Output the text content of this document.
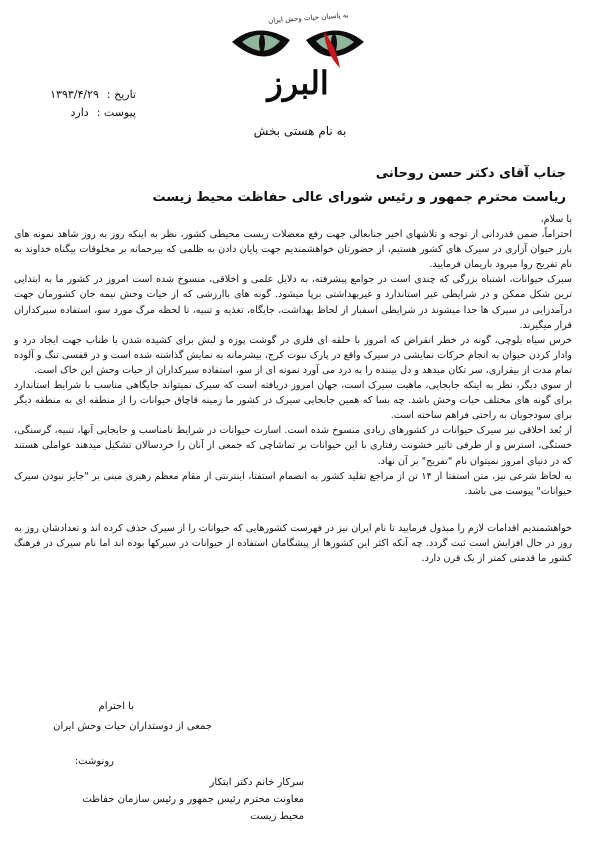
به پاسبان حیات وحش ایران
البرز
تاریخ :
۱۳۹۳/۴/۲۹
پیوست :
دارد
به نام هستی بخش
جناب آقای دکتر حسن روحانی
ریاست محترم جمهور و رئیس شورای عالی حفاظت محیط زیست

با سلام،

احتراماً، ضمن قدردانی از توجه و تلاشهای اخیر جنابعالی جهت رفع معضلات زیست محیطی کشور، نظر به اینکه روز به روز شاهد نمونه های بارز حیوان آزاری در سیرک های کشور هستیم، از حضورتان خواهشمندیم جهت پایان دادن به ظلمی که بیرحمانه بر مخلوقات بیگناه خداوند به نام تفریح روا میرود باریمان فرمایید.

سیرک حیوانات، اشتباه بزرگی که چندی است در جوامع پیشرفته، به دلایل علمی و اخلاقی، منسوخ شده است امروز در کشور ما به ابتدایی ترین شکل ممکن و در شرایطی غیر استاندارد و غیربهداشتی برپا میشود. گونه های باارزشی که از حیات وحش نیمه جان کشورمان جهت درآمدزایی در سیرک ها جدا میشوند در شرایطی اسفبار از لحاظ بهداشت، جایگاه، تغذیه و تنبیه، تا لحظه مرگ مورد سو، استفاده سیرکداران قرار میگیرند.

خرس سیاه بلوچی، گونه در خطر انقراض که امروز با حلقه ای فلزی در گوشت پوزه و لبش برای کشیده شدن با طناب جهت ایجاد درد و وادار کردن حیوان به انجام حرکات نمایشی در سیرک واقع در پارک نبوت کرج، بیشرمانه به نمایش گذاشته شده است و در قفسی تنگ و آلوده تمام مدت از بیقراری، سر تکان میدهد و دل بیننده را به درد می آورد نمونه ای از سو، استفاده سیرکداران از حیات وحش این خاک است.

از سوی دیگر، نظر به اینکه جابجایی، ماهیت سیرک است، جهان امروز دریافته است که سیرک نمیتواند جایگاهی مناسب با شرایط استاندارد برای گونه های مختلف حیات وحش باشد. چه بسا که همین جابجایی سیرک در کشور ما زمینه قاچاق حیوانات را از منطقه ای به منطقه دیگر برای سودجویان به راحتی فراهم ساخته است.

از بُعد اخلاقی نیز سیرک حیوانات در کشورهای زیادی منسوخ شده است. اسارت حیوانات در شرایط نامناسب و جابجایی آنها، تنبیه، گرسنگی، خستگی، استرس و از طرفی تاثیر خشونت رفتاری با این حیوانات بر تماشاچی که جمعی از آنان را خردسالان تشکیل میدهند عواملی هستند که در دنیای امروز نمیتوان نام "تفریح" بر آن نهاد.

به لحاظ شرعی نیز، متن استفتا از ۱۴ تن از مراجع تقلید کشور به انضمام استفتا، اینترنتی از مقام معظم رهبری مبنی بر "جایز نبودن سیرک حیوانات" پیوست می باشد.

خواهشمندیم اقدامات لازم را مبذول فرمایید تا نام ایران نیز در فهرست کشورهایی که حیوانات را از سیرک حذف کرده اند و تعدادشان روز به روز در حال افزایش است ثبت گردد. چه آنکه اکثر این کشورها از پیشگامان استفاده از حیوانات در سیرکها بوده اند اما نام سیرک در فرهنگ کشور ما قدمتی کمتر از یک قرن دارد.

با احترام
جمعی از دوستداران حیات وحش ایران
رونوشت:
سرکار خانم دکتر ابتکار
معاونت محترم رئیس جمهور و رئیس سازمان حفاظت محیط زیست
